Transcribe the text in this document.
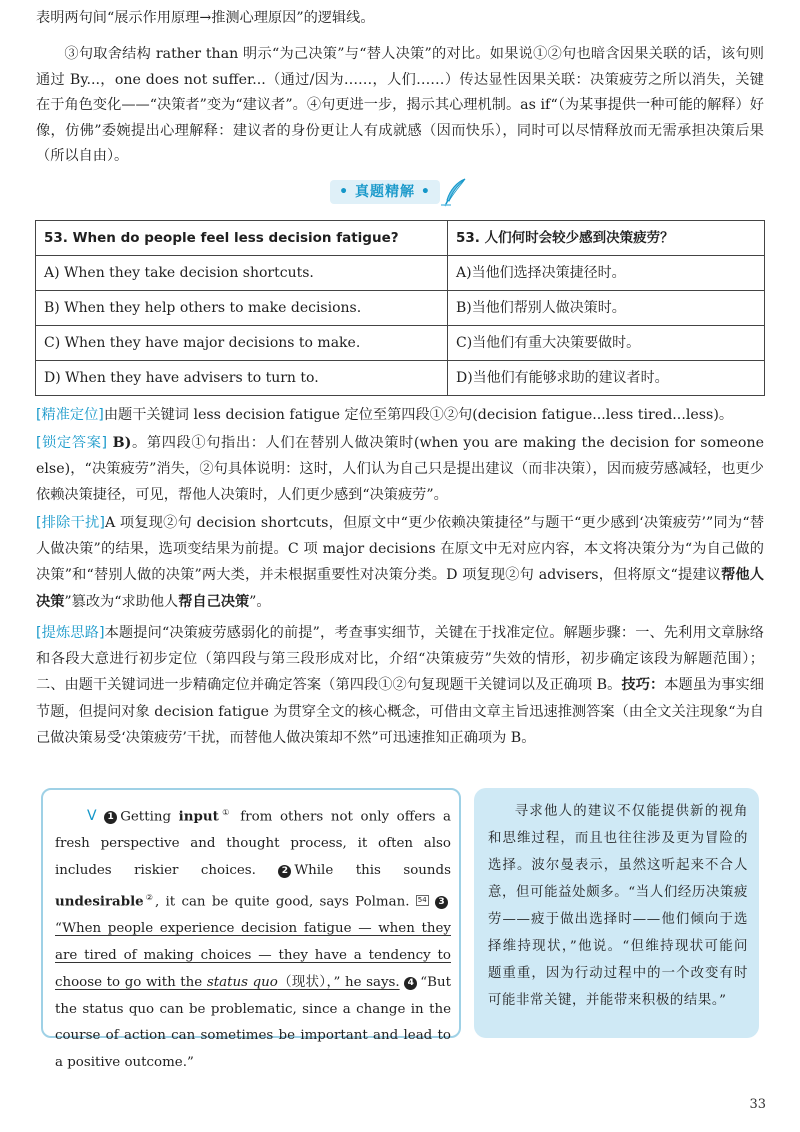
表明两句间“展示作用原理→推测心理原因”的逻辑线。

③句取舍结构 rather than 明示“为己决策”与“替人决策”的对比。如果说①②句也暗含因果关联的话，该句则通过 By...，one does not suffer...（通过/因为……，人们……）传达显性因果关联：决策疲劳之所以消失，关键在于角色变化——“决策者”变为“建议者”。④句更进一步，揭示其心理机制。as if“（为某事提供一种可能的解释）好像，仿佛”委婉提出心理解释：建议者的身份更让人有成就感（因而快乐），同时可以尽情释放而无需承担决策后果（所以自由）。

• 真题精解 •
53. When do people feel less decision fatigue?	53. 人们何时会较少感到决策疲劳？
A) When they take decision shortcuts.	A)当他们选择决策捷径时。
B) When they help others to make decisions.	B)当他们帮别人做决策时。
C) When they have major decisions to make.	C)当他们有重大决策要做时。
D) When they have advisers to turn to.	D)当他们有能够求助的建议者时。

[精准定位]由题干关键词 less decision fatigue 定位至第四段①②句(decision fatigue...less tired...less)。

[锁定答案] B)。第四段①句指出：人们在替别人做决策时(when you are making the decision for someone else)，“决策疲劳”消失，②句具体说明：这时，人们认为自己只是提出建议（而非决策），因而疲劳感减轻，也更少依赖决策捷径，可见，帮他人决策时，人们更少感到“决策疲劳”。

[排除干扰]A 项复现②句 decision shortcuts，但原文中“更少依赖决策捷径”与题干“更少感到‘决策疲劳’”同为“替人做决策”的结果，选项变结果为前提。C 项 major decisions 在原文中无对应内容，本文将决策分为“为自己做的决策”和“替别人做的决策”两大类，并未根据重要性对决策分类。D 项复现②句 advisers，但将原文“提建议帮他人决策”篡改为“求助他人帮自己决策”。

[提炼思路]本题提问“决策疲劳感弱化的前提”，考查事实细节，关键在于找准定位。解题步骤：一、先利用文章脉络和各段大意进行初步定位（第四段与第三段形成对比，介绍“决策疲劳”失效的情形，初步确定该段为解题范围）；二、由题干关键词进一步精确定位并确定答案（第四段①②句复现题干关键词以及正确项 B。技巧：本题虽为事实细节题，但提问对象 decision fatigue 为贯穿全文的核心概念，可借由文章主旨迅速推测答案（由全文关注现象“为自己做决策易受‘决策疲劳’干扰，而替他人做决策却不然”可迅速推知正确项为 B。

V 1 Getting input① from others not only offers a fresh perspective and thought process, it often also includes riskier choices. 2 While this sounds undesirable②, it can be quite good, says Polman. 54 3“When people experience decision fatigue — when they are tired of making choices — they have a tendency to choose to go with the status quo（现状），” he says. 4 “But the status quo can be problematic, since a change in the course of action can sometimes be important and lead to a positive outcome.”

寻求他人的建议不仅能提供新的视角和思维过程，而且也往往涉及更为冒险的选择。波尔曼表示，虽然这听起来不合人意，但可能益处颇多。“当人们经历决策疲劳——疲于做出选择时——他们倾向于选择维持现状，”他说。“但维持现状可能问题重重，因为行动过程中的一个改变有时可能非常关键，并能带来积极的结果。”

33
